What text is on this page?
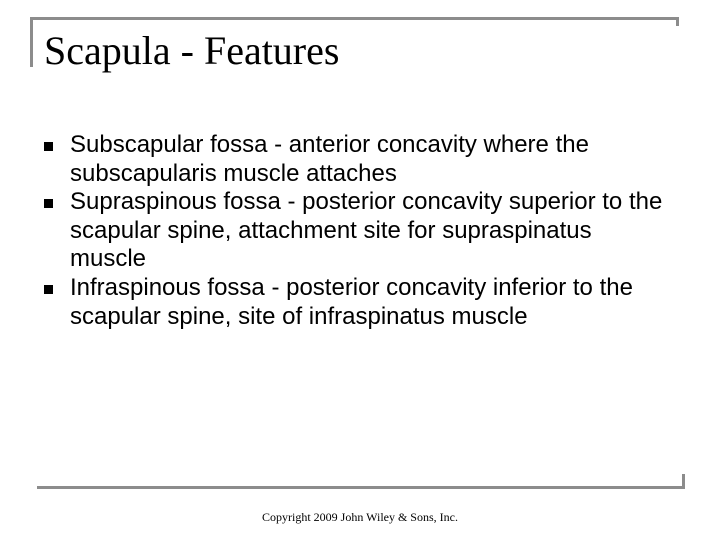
Scapula - Features
Subscapular fossa - anterior concavity where the subscapularis muscle attaches
Supraspinous fossa - posterior concavity superior to the scapular spine, attachment site for supraspinatus muscle
Infraspinous fossa - posterior concavity inferior to the scapular spine, site of infraspinatus muscle
Copyright 2009 John Wiley & Sons, Inc.
